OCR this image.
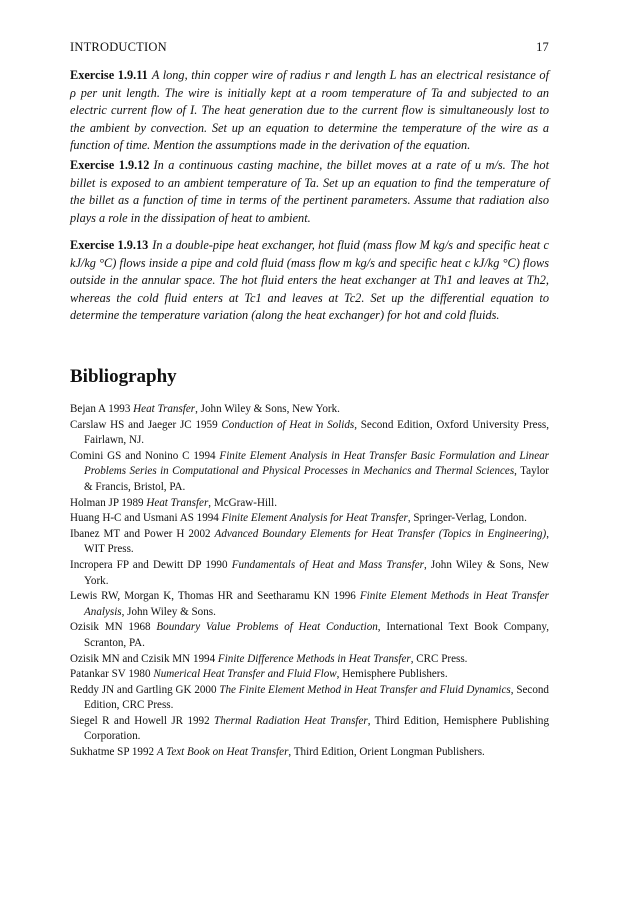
INTRODUCTION	17

Exercise 1.9.11 A long, thin copper wire of radius r and length L has an electrical resistance of ρ per unit length. The wire is initially kept at a room temperature of Ta and subjected to an electric current flow of I. The heat generation due to the current flow is simultaneously lost to the ambient by convection. Set up an equation to determine the temperature of the wire as a function of time. Mention the assumptions made in the derivation of the equation.

Exercise 1.9.12 In a continuous casting machine, the billet moves at a rate of u m/s. The hot billet is exposed to an ambient temperature of Ta. Set up an equation to find the temperature of the billet as a function of time in terms of the pertinent parameters. Assume that radiation also plays a role in the dissipation of heat to ambient.

Exercise 1.9.13 In a double-pipe heat exchanger, hot fluid (mass flow M kg/s and specific heat c kJ/kg °C) flows inside a pipe and cold fluid (mass flow m kg/s and specific heat c kJ/kg °C) flows outside in the annular space. The hot fluid enters the heat exchanger at Th1 and leaves at Th2, whereas the cold fluid enters at Tc1 and leaves at Tc2. Set up the differential equation to determine the temperature variation (along the heat exchanger) for hot and cold fluids.

Bibliography
Bejan A 1993 Heat Transfer, John Wiley & Sons, New York.
Carslaw HS and Jaeger JC 1959 Conduction of Heat in Solids, Second Edition, Oxford University Press, Fairlawn, NJ.
Comini GS and Nonino C 1994 Finite Element Analysis in Heat Transfer Basic Formulation and Linear Problems Series in Computational and Physical Processes in Mechanics and Thermal Sciences, Taylor & Francis, Bristol, PA.
Holman JP 1989 Heat Transfer, McGraw-Hill.
Huang H-C and Usmani AS 1994 Finite Element Analysis for Heat Transfer, Springer-Verlag, London.
Ibanez MT and Power H 2002 Advanced Boundary Elements for Heat Transfer (Topics in Engineering), WIT Press.
Incropera FP and Dewitt DP 1990 Fundamentals of Heat and Mass Transfer, John Wiley & Sons, New York.
Lewis RW, Morgan K, Thomas HR and Seetharamu KN 1996 Finite Element Methods in Heat Transfer Analysis, John Wiley & Sons.
Ozisik MN 1968 Boundary Value Problems of Heat Conduction, International Text Book Company, Scranton, PA.
Ozisik MN and Czisik MN 1994 Finite Difference Methods in Heat Transfer, CRC Press.
Patankar SV 1980 Numerical Heat Transfer and Fluid Flow, Hemisphere Publishers.
Reddy JN and Gartling GK 2000 The Finite Element Method in Heat Transfer and Fluid Dynamics, Second Edition, CRC Press.
Siegel R and Howell JR 1992 Thermal Radiation Heat Transfer, Third Edition, Hemisphere Publishing Corporation.
Sukhatme SP 1992 A Text Book on Heat Transfer, Third Edition, Orient Longman Publishers.
